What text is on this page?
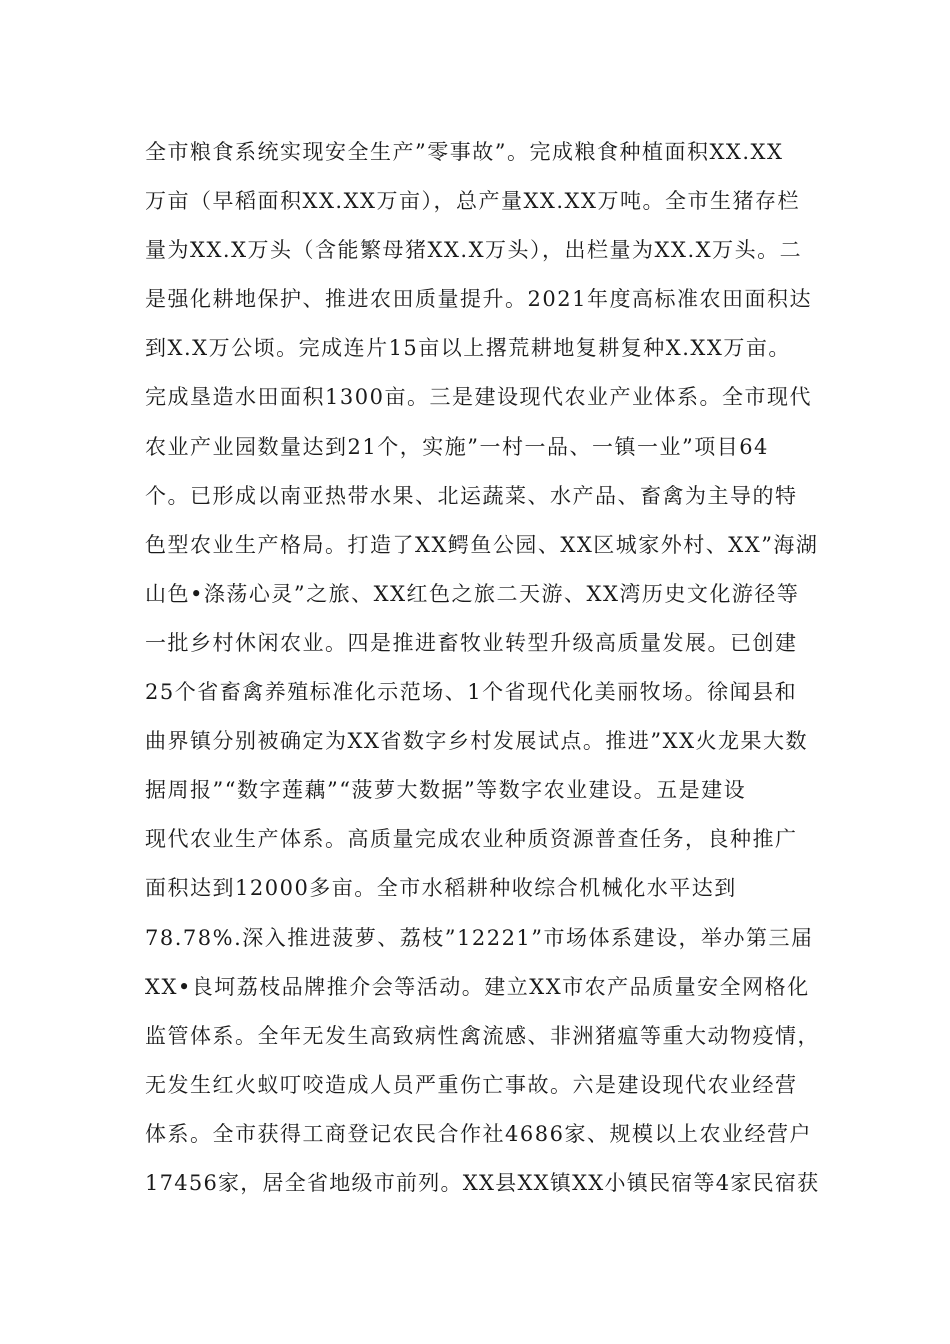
全市粮食系统实现安全生产”零事故”。完成粮食种植面积XX.XX
万亩（早稻面积XX.XX万亩），总产量XX.XX万吨。全市生猪存栏
量为XX.X万头（含能繁母猪XX.X万头），出栏量为XX.X万头。二
是强化耕地保护、推进农田质量提升。2021年度高标准农田面积达
到X.X万公顷。完成连片15亩以上撂荒耕地复耕复种X.XX万亩。
完成垦造水田面积1300亩。三是建设现代农业产业体系。全市现代
农业产业园数量达到21个，实施”一村一品、一镇一业”项目64
个。已形成以南亚热带水果、北运蔬菜、水产品、畜禽为主导的特
色型农业生产格局。打造了XX鳄鱼公园、XX区城家外村、XX”海湖
山色•涤荡心灵”之旅、XX红色之旅二天游、XX湾历史文化游径等
一批乡村休闲农业。四是推进畜牧业转型升级高质量发展。已创建
25个省畜禽养殖标准化示范场、1个省现代化美丽牧场。徐闻县和
曲界镇分别被确定为XX省数字乡村发展试点。推进”XX火龙果大数
据周报”“数字莲藕”“菠萝大数据”等数字农业建设。五是建设
现代农业生产体系。高质量完成农业种质资源普查任务，良种推广
面积达到12000多亩。全市水稻耕种收综合机械化水平达到
78.78%.深入推进菠萝、荔枝”12221”市场体系建设，举办第三届
XX•良坷荔枝品牌推介会等活动。建立XX市农产品质量安全网格化
监管体系。全年无发生高致病性禽流感、非洲猪瘟等重大动物疫情，
无发生红火蚁叮咬造成人员严重伤亡事故。六是建设现代农业经营
体系。全市获得工商登记农民合作社4686家、规模以上农业经营户
17456家，居全省地级市前列。XX县XX镇XX小镇民宿等4家民宿获
